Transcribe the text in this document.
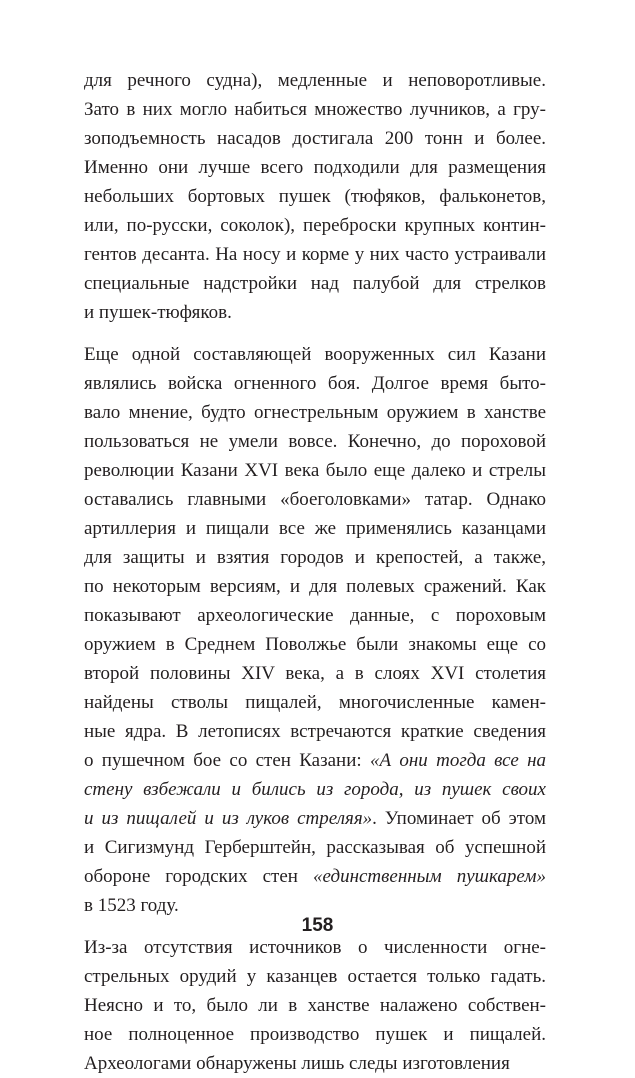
для речного судна), медленные и неповоротливые.
Зато в них могло набиться множество лучников, а гру-
зоподъемность насадов достигала 200 тонн и более.
Именно они лучше всего подходили для размещения
небольших бортовых пушек (тюфяков, фальконетов,
или, по-русски, соколок), переброски крупных контин-
гентов десанта. На носу и корме у них часто устраивали
специальные надстройки над палубой для стрелков
и пушек-тюфяков.
Еще одной составляющей вооруженных сил Казани
являлись войска огненного боя. Долгое время быто-
вало мнение, будто огнестрельным оружием в ханстве
пользоваться не умели вовсе. Конечно, до пороховой
революции Казани XVI века было еще далеко и стрелы
оставались главными «боеголовками» татар. Однако
артиллерия и пищали все же применялись казанцами
для защиты и взятия городов и крепостей, а также,
по некоторым версиям, и для полевых сражений. Как
показывают археологические данные, с пороховым
оружием в Среднем Поволжье были знакомы еще со
второй половины XIV века, а в слоях XVI столетия
найдены стволы пищалей, многочисленные камен-
ные ядра. В летописях встречаются краткие сведения
о пушечном бое со стен Казани: «А они тогда все на
стену взбежали и бились из города, из пушек своих
и из пищалей и из луков стреляя». Упоминает об этом
и Сигизмунд Герберштейн, рассказывая об успешной
обороне городских стен «единственным пушкарем»
в 1523 году.
Из-за отсутствия источников о численности огне-
стрельных орудий у казанцев остается только гадать.
Неясно и то, было ли в ханстве налажено собствен-
ное полноценное производство пушек и пищалей.
Археологами обнаружены лишь следы изготовления
158
